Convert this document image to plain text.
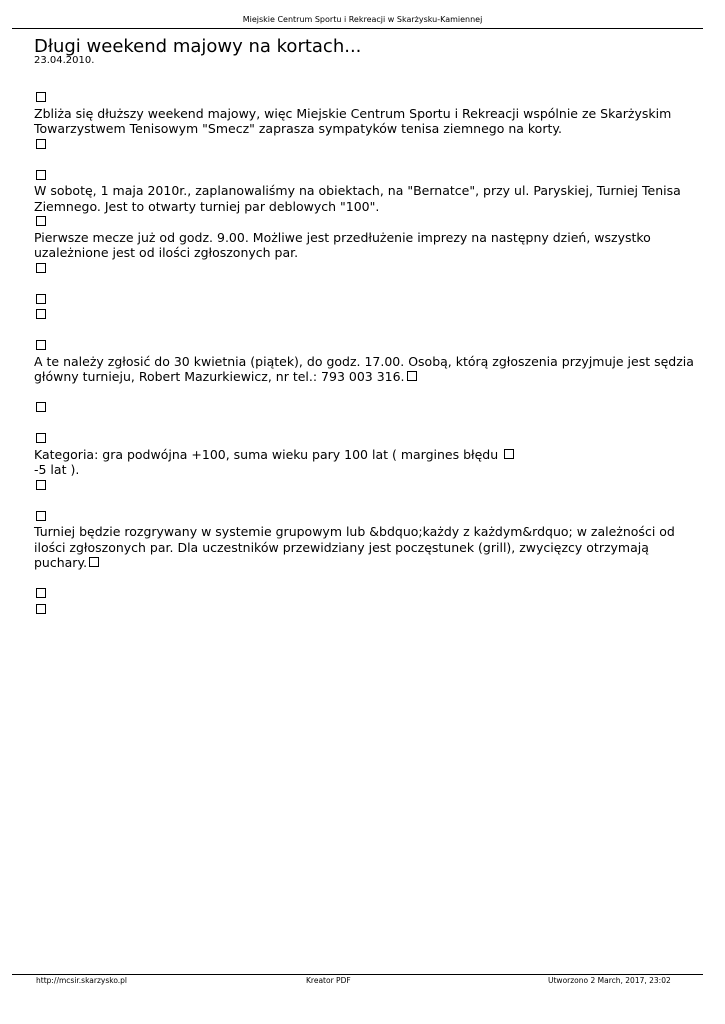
Miejskie Centrum Sportu i Rekreacji w Skarżysku-Kamiennej
Długi weekend majowy na kortach...
23.04.2010.
Zbliża się dłuższy weekend majowy, więc Miejskie Centrum Sportu i Rekreacji wspólnie ze Skarżyskim Towarzystwem Tenisowym "Smecz" zaprasza sympatyków tenisa ziemnego na korty.
W sobotę, 1 maja 2010r., zaplanowaliśmy na obiektach, na "Bernatce", przy ul. Paryskiej, Turniej Tenisa Ziemnego. Jest to otwarty turniej par deblowych "100".
Pierwsze mecze już od godz. 9.00. Możliwe jest przedłużenie imprezy na następny dzień, wszystko uzależnione jest od ilości zgłoszonych par.
A te należy zgłosić do 30 kwietnia (piątek), do godz. 17.00. Osobą, którą zgłoszenia przyjmuje jest sędzia główny turnieju, Robert Mazurkiewicz, nr tel.: 793 003 316.
Kategoria: gra podwójna +100, suma wieku pary 100 lat ( margines błędu
-5 lat ).
Turniej będzie rozgrywany w systemie grupowym lub &bdquo;każdy z każdym&rdquo; w zależności od ilości zgłoszonych par. Dla uczestników przewidziany jest poczęstunek (grill), zwycięzcy otrzymają puchary.
http://mcsir.skarzysko.pl	Kreator PDF	Utworzono 2 March, 2017, 23:02
